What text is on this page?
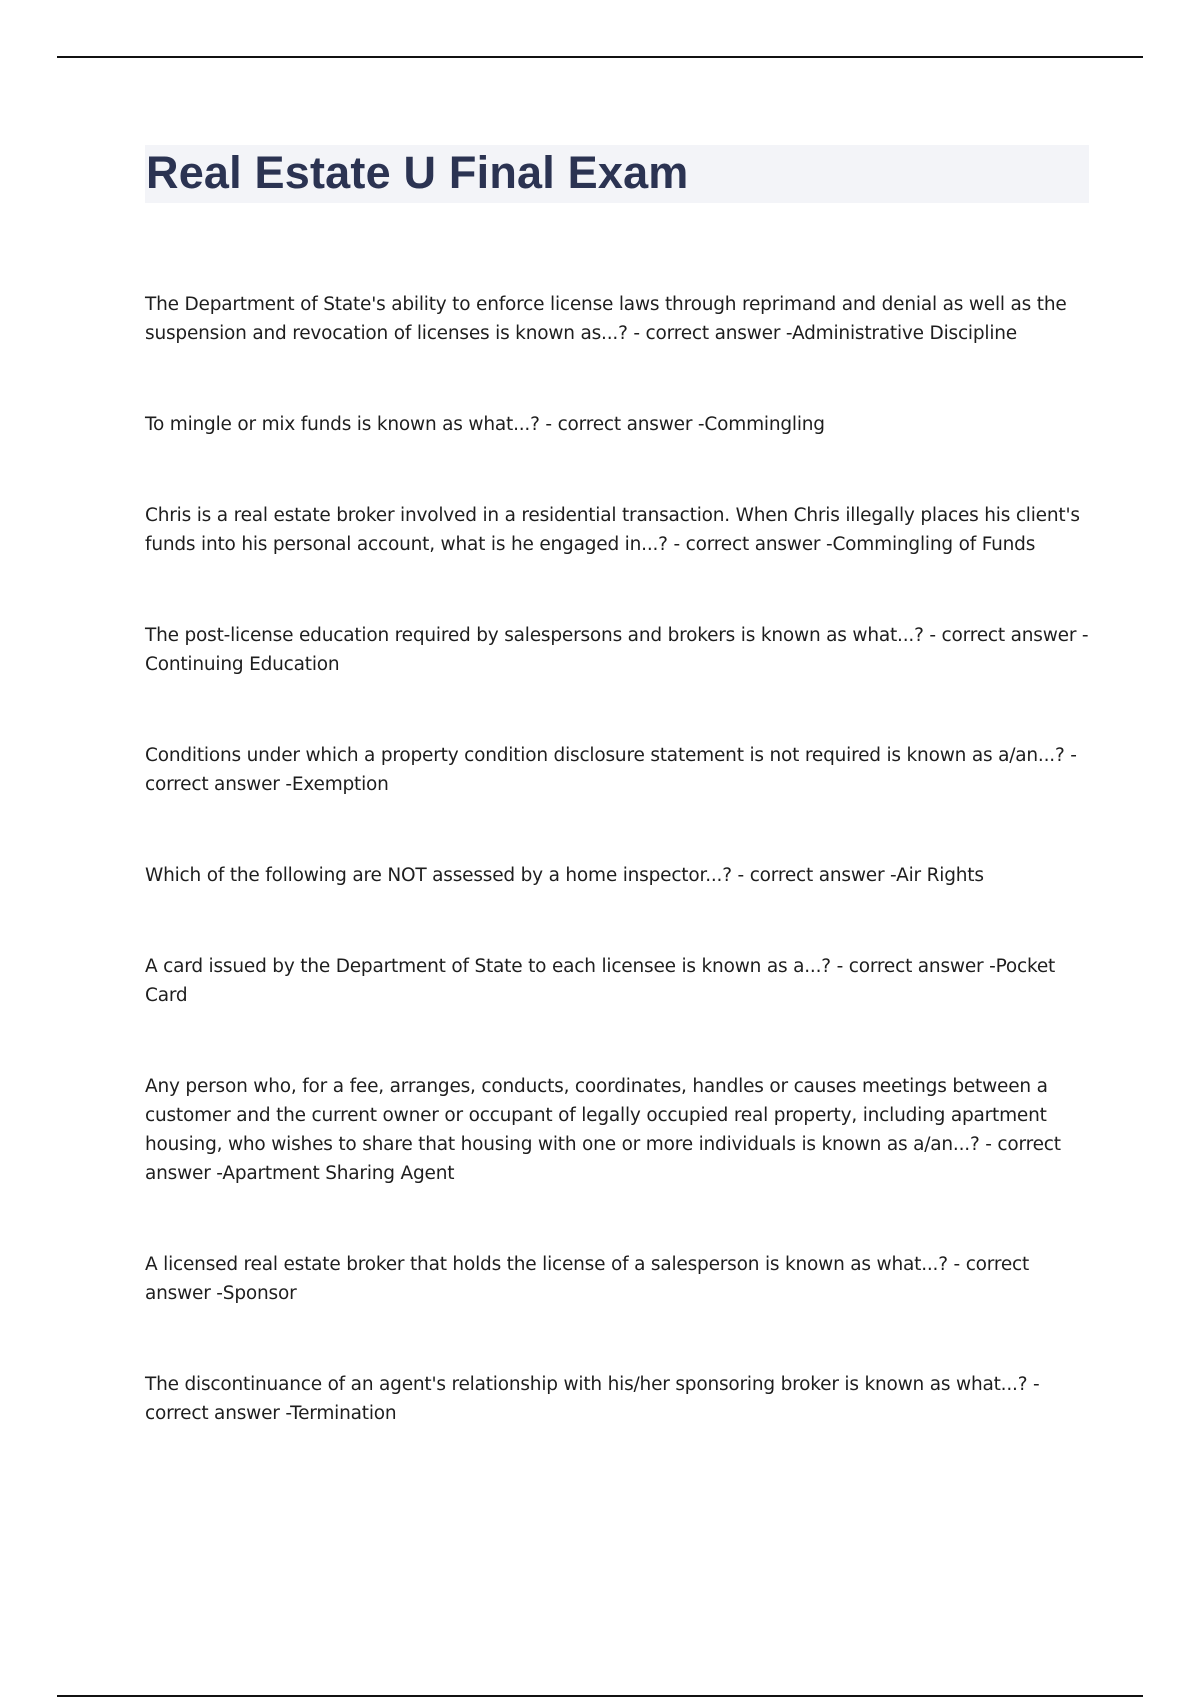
Real Estate U Final Exam
The Department of State's ability to enforce license laws through reprimand and denial as well as the suspension and revocation of licenses is known as...? - correct answer -Administrative Discipline
To mingle or mix funds is known as what...? - correct answer -Commingling
Chris is a real estate broker involved in a residential transaction. When Chris illegally places his client's funds into his personal account, what is he engaged in...? - correct answer -Commingling of Funds
The post-license education required by salespersons and brokers is known as what...? - correct answer -Continuing Education
Conditions under which a property condition disclosure statement is not required is known as a/an...? - correct answer -Exemption
Which of the following are NOT assessed by a home inspector...? - correct answer -Air Rights
A card issued by the Department of State to each licensee is known as a...? - correct answer -Pocket Card
Any person who, for a fee, arranges, conducts, coordinates, handles or causes meetings between a customer and the current owner or occupant of legally occupied real property, including apartment housing, who wishes to share that housing with one or more individuals is known as a/an...? - correct answer -Apartment Sharing Agent
A licensed real estate broker that holds the license of a salesperson is known as what...? - correct answer -Sponsor
The discontinuance of an agent's relationship with his/her sponsoring broker is known as what...? - correct answer -Termination
